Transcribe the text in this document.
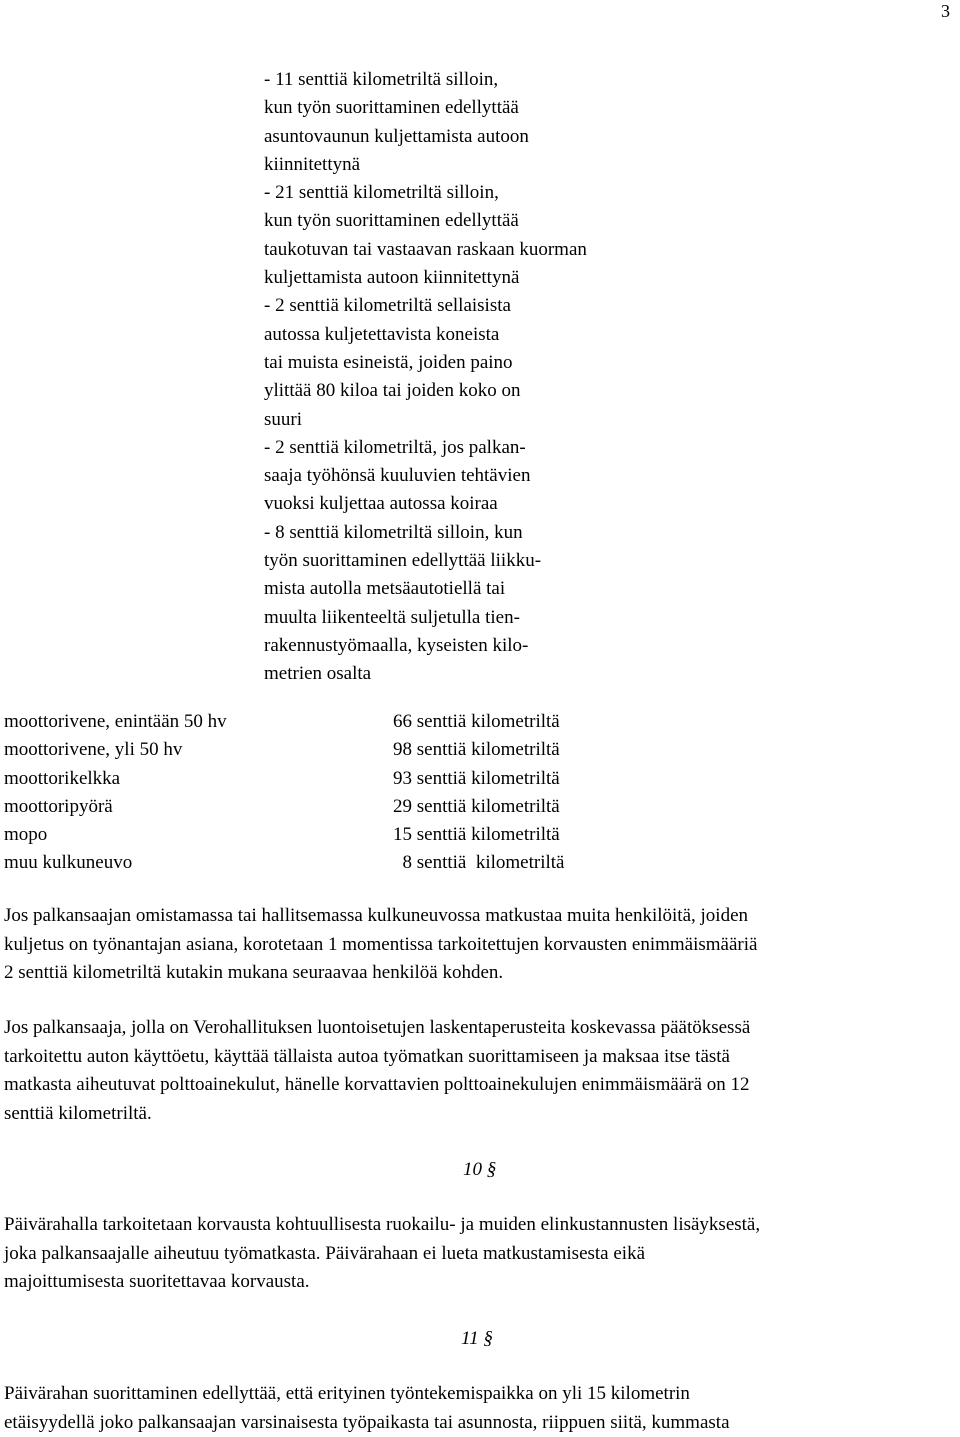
3
- 11 senttiä kilometriltä silloin,
kun työn suorittaminen edellyttää
asuntovaunun kuljettamista autoon
kiinnitettynä
- 21 senttiä kilometriltä silloin,
kun työn suorittaminen edellyttää
taukotuvan tai vastaavan raskaan kuorman
kuljettamista autoon kiinnitettynä
- 2 senttiä kilometriltä sellaisista
autossa kuljetettavista koneista
tai muista esineistä, joiden paino
ylittää 80 kiloa tai joiden koko on
suuri
- 2 senttiä kilometriltä, jos palkan-
saaja työhönsä kuuluvien tehtävien
vuoksi kuljettaa autossa koiraa
- 8 senttiä kilometriltä silloin, kun
työn suorittaminen edellyttää liikku-
mista autolla metsäautotiellä tai
muulta liikenteeltä suljetulla tien-
rakennustyömaalla, kyseisten kilo-
metrien osalta
moottorivene, enintään 50 hv
moottorivene, yli 50 hv
moottorikelkka
moottoripyörä
mopo
muu kulkuneuvo
66 senttiä kilometriltä
98 senttiä kilometriltä
93 senttiä kilometriltä
29 senttiä kilometriltä
15 senttiä kilometriltä
8 senttiä  kilometriltä
Jos palkansaajan omistamassa tai hallitsemassa kulkuneuvossa matkustaa muita henkilöitä, joiden
kuljetus on työnantajan asiana, korotetaan 1 momentissa tarkoitettujen korvausten enimmäismääriä
2 senttiä kilometriltä kutakin mukana seuraavaa henkilöä kohden.
Jos palkansaaja, jolla on Verohallituksen luontoisetujen laskentaperusteita koskevassa päätöksessä
tarkoitettu auton käyttöetu, käyttää tällaista autoa työmatkan suorittamiseen ja maksaa itse tästä
matkasta aiheutuvat polttoainekulut, hänelle korvattavien polttoainekulujen enimmäismäärä on 12
senttiä kilometriltä.
10 §
Päivärahalla tarkoitetaan korvausta kohtuullisesta ruokailu- ja muiden elinkustannusten lisäyksestä,
joka palkansaajalle aiheutuu työmatkasta. Päivärahaan ei lueta matkustamisesta eikä
majoittumisesta suoritettavaa korvausta.
11 §
Päivärahan suorittaminen edellyttää, että erityinen työntekemispaikka on yli 15 kilometrin
etäisyydellä joko palkansaajan varsinaisesta työpaikasta tai asunnosta, riippuen siitä, kummasta
